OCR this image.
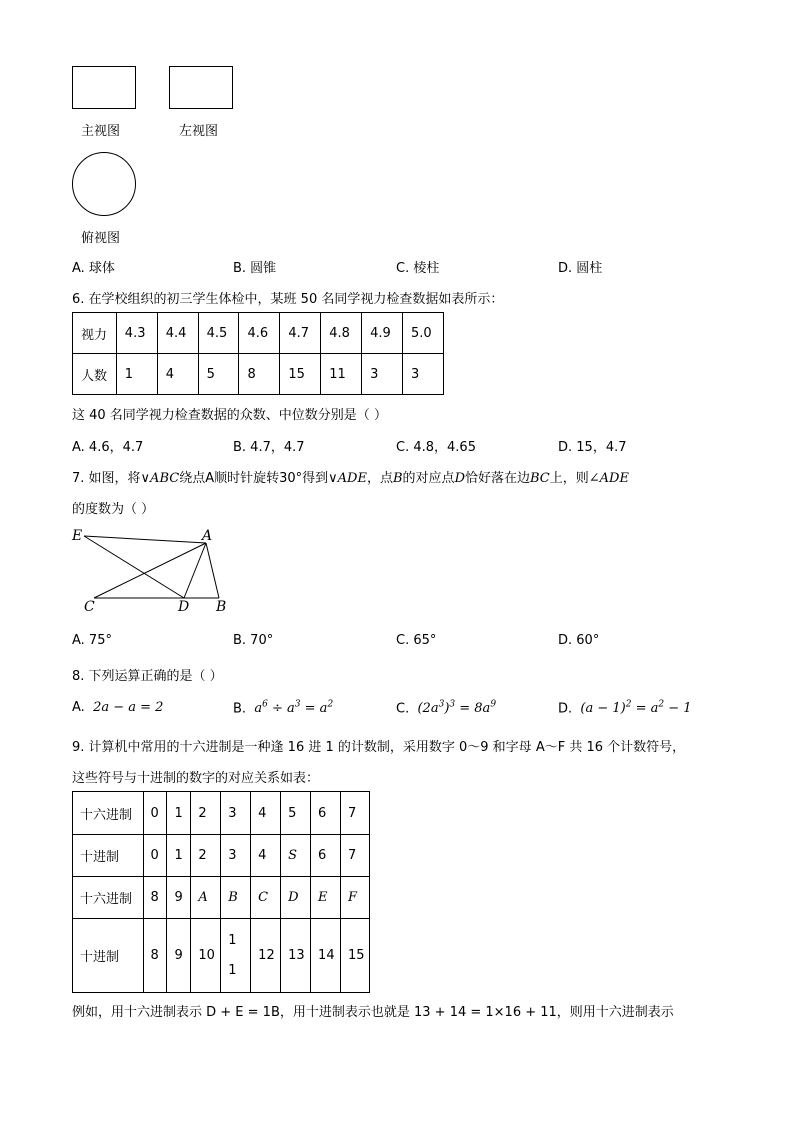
主视图	左视图
俯视图
A. 球体	B. 圆锥	C. 棱柱	D. 圆柱
6. 在学校组织的初三学生体检中，某班 50 名同学视力检查数据如表所示：
视力	4.3	4.4	4.5	4.6	4.7	4.8	4.9	5.0
人数	1	4	5	8	15	11	3	3
这 40 名同学视力检查数据的众数、中位数分别是（ ）
A. 4.6，4.7	B. 4.7，4.7	C. 4.8，4.65	D. 15，4.7
7. 如图，将∨ABC绕点A顺时针旋转30°得到∨ADE，点B的对应点D恰好落在边BC上，则∠ADE
的度数为（ ）
E	A
C	D B
A. 75°	B. 70°	C. 65°	D. 60°
8. 下列运算正确的是（ ）
A. 2a − a = 2	B. $a^6 \div a^3 = a^2$	C. $(2a^3)^3 = 8a^9$	D. $(a - 1)^2 = a^2 - 1$
9. 计算机中常用的十六进制是一种逢 16 进 1 的计数制，采用数字 0～9 和字母 A～F 共 16 个计数符号，
这些符号与十进制的数字的对应关系如表：
十六进制	0	1	2	3	4	5	6	7
十进制	0	1	2	3	4	S	6	7
十六进制	8	9	A	B	C	D	E	F
十进制	8	9	10	1
1	12	13	14	15
例如，用十六进制表示 D + E = 1B，用十进制表示也就是 13 + 14 = 1×16 + 11，则用十六进制表示
